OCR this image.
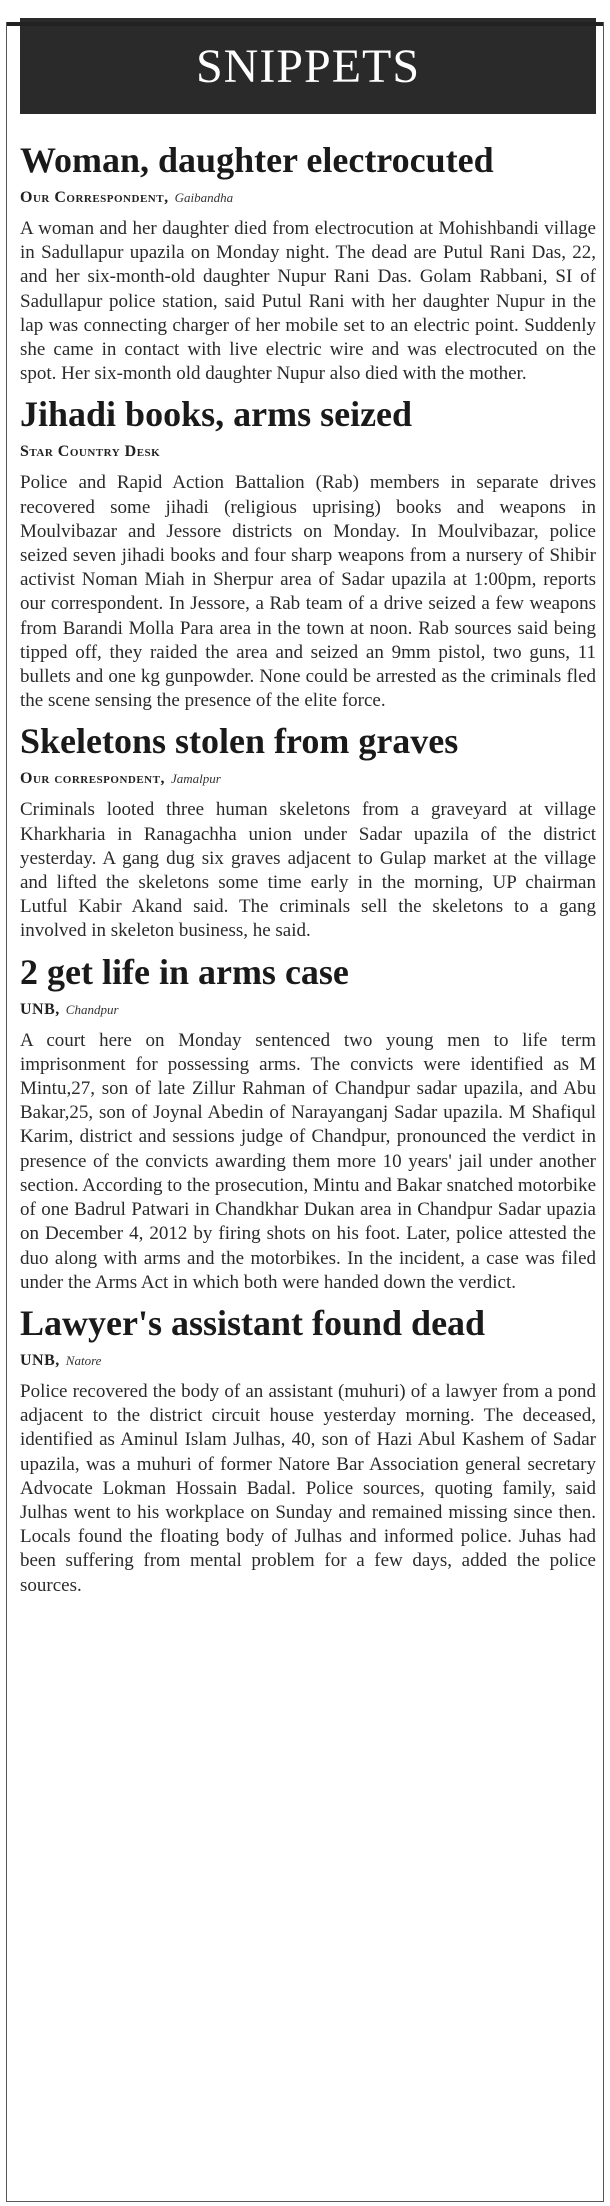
SNIPPETS
Woman, daughter electrocuted
Our Correspondent, Gaibandha

A woman and her daughter died from electrocution at Mohishbandi village in Sadullapur upazila on Monday night. The dead are Putul Rani Das, 22, and her six-month-old daughter Nupur Rani Das. Golam Rabbani, SI of Sadullapur police station, said Putul Rani with her daughter Nupur in the lap was connecting charger of her mobile set to an electric point. Suddenly she came in contact with live electric wire and was electrocuted on the spot. Her six-month old daughter Nupur also died with the mother.

Jihadi books, arms seized
Star Country Desk

Police and Rapid Action Battalion (Rab) members in separate drives recovered some jihadi (religious uprising) books and weapons in Moulvibazar and Jessore districts on Monday. In Moulvibazar, police seized seven jihadi books and four sharp weapons from a nursery of Shibir activist Noman Miah in Sherpur area of Sadar upazila at 1:00pm, reports our correspondent. In Jessore, a Rab team of a drive seized a few weapons from Barandi Molla Para area in the town at noon. Rab sources said being tipped off, they raided the area and seized an 9mm pistol, two guns, 11 bullets and one kg gunpowder. None could be arrested as the criminals fled the scene sensing the presence of the elite force.

Skeletons stolen from graves
Our correspondent, Jamalpur

Criminals looted three human skeletons from a graveyard at village Kharkharia in Ranagachha union under Sadar upazila of the district yesterday. A gang dug six graves adjacent to Gulap market at the village and lifted the skeletons some time early in the morning, UP chairman Lutful Kabir Akand said. The criminals sell the skeletons to a gang involved in skeleton business, he said.

2 get life in arms case
UNB, Chandpur

A court here on Monday sentenced two young men to life term imprisonment for possessing arms. The convicts were identified as M Mintu,27, son of late Zillur Rahman of Chandpur sadar upazila, and Abu Bakar,25, son of Joynal Abedin of Narayanganj Sadar upazila. M Shafiqul Karim, district and sessions judge of Chandpur, pronounced the verdict in presence of the convicts awarding them more 10 years' jail under another section. According to the prosecution, Mintu and Bakar snatched motorbike of one Badrul Patwari in Chandkhar Dukan area in Chandpur Sadar upazia on December 4, 2012 by firing shots on his foot. Later, police attested the duo along with arms and the motorbikes. In the incident, a case was filed under the Arms Act in which both were handed down the verdict.

Lawyer's assistant found dead
UNB, Natore

Police recovered the body of an assistant (muhuri) of a lawyer from a pond adjacent to the district circuit house yesterday morning. The deceased, identified as Aminul Islam Julhas, 40, son of Hazi Abul Kashem of Sadar upazila, was a muhuri of former Natore Bar Association general secretary Advocate Lokman Hossain Badal. Police sources, quoting family, said Julhas went to his workplace on Sunday and remained missing since then. Locals found the floating body of Julhas and informed police. Juhas had been suffering from mental problem for a few days, added the police sources.
